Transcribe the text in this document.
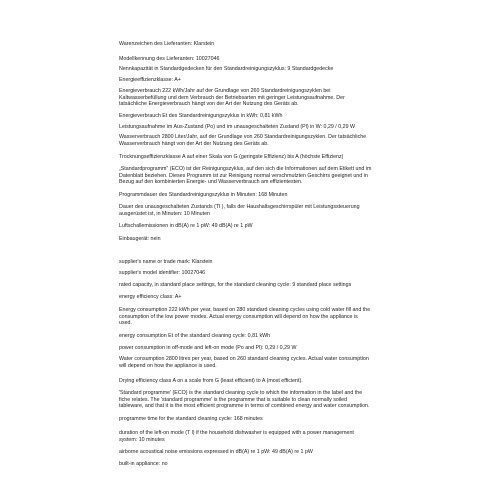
Warenzeichen des Lieferanten: Klarstein
Modellkennung des Lieferanten: 10027046
Nennkapazität in Standardgedecken für den Standardreinigungszyklus: 9 Standardgedecke
Energieeffizienzklasse: A+
Energieverbrauch 222 kWh/Jahr auf der Grundlage von 260 Standardreinigungszyklen bei
Kaltwasserbefüllung und dem Verbrauch der Betriebsarten mit geringer Leistungsaufnahme. Der
tatsächliche Energieverbrauch hängt von der Art der Nutzung des Geräts ab.
Energieverbrauch Et des Standardreinigungszyklus in kWh: 0,81 kWh
Leistungsaufnahme im Aus-Zustand (Po) und im unausgeschalteten Zustand (Pl) in W: 0,29 / 0,29 W
Wasserverbrauch 2800 Liter/Jahr, auf der Grundlage von 260 Standardreinigungszyklen. Der tatsächliche
Wasserverbrauch hängt von der Art der Nutzung des Geräts ab.
Trocknungseffizienzklasse A auf einer Skala von G (geringste Effizienz) bis A (höchste Effizienz)
„Standardprogramm" (ECO) ist der Reinigungszyklus, auf den sich die Informationen auf dem Etikett und im
Datenblatt beziehen. Dieses Programm ist zur Reinigung normal verschmutzten Geschirrs geeignet und in
Bezug auf den kombinierten Energie- und Wasserverbrauch am effizientesten.
Programmdauer des Standardreinigungszyklus in Minuten: 168 Minuten
Dauer des unausgeschalteten Zustands (Tl ), falls der Haushaltsgeschirrspüler mit Leistungssteuerung
ausgerüstet ist, in Minuten: 10 Minuten
Luftschallemissionen in dB(A) re 1 pW: 49 dB(A) re 1 pW
Einbaugerät: nein
supplier's name or trade mark: Klarstein
supplier's model identifier: 10027046
rated capacity, in standard place settings, for the standard cleaning cycle: 9 standard place settings
energy efficiency class: A+
Energy consumption 222 kWh per year, based on 280 standard cleaning cycles using cold water fill and the
consumption of the low power modes. Actual energy consumption will depend on how the appliance is
used.
energy consumption Et of the standard cleaning cycle: 0,81 kWh
power consumption in off-mode and left-on mode (Po and Pl): 0,29 / 0,29 W
Water consumption 2800 litres per year, based on 260 standard cleaning cycles. Actual water consumption
will depend on how the appliance is used.
Drying efficiency class A on a scale from G (least efficient) to A (most efficient).
'Standard programme' (ECO) is the standard cleaning cycle to which the information in the label and the
fiche relates. The 'standard programme' is the programme that is suitable to clean normally soiled
tableware, and that it is the most efficient programme in terms of combined energy and water consumption.
programme time for the standard cleaning cycle: 168 minutes
duration of the left-on mode (T l) if the household dishwasher is equipped with a power management
system: 10 minutes
airborne acoustical noise emissions expressed in dB(A) re 1 pW: 49 dB(A) re 1 pW
built-in appliance: no
